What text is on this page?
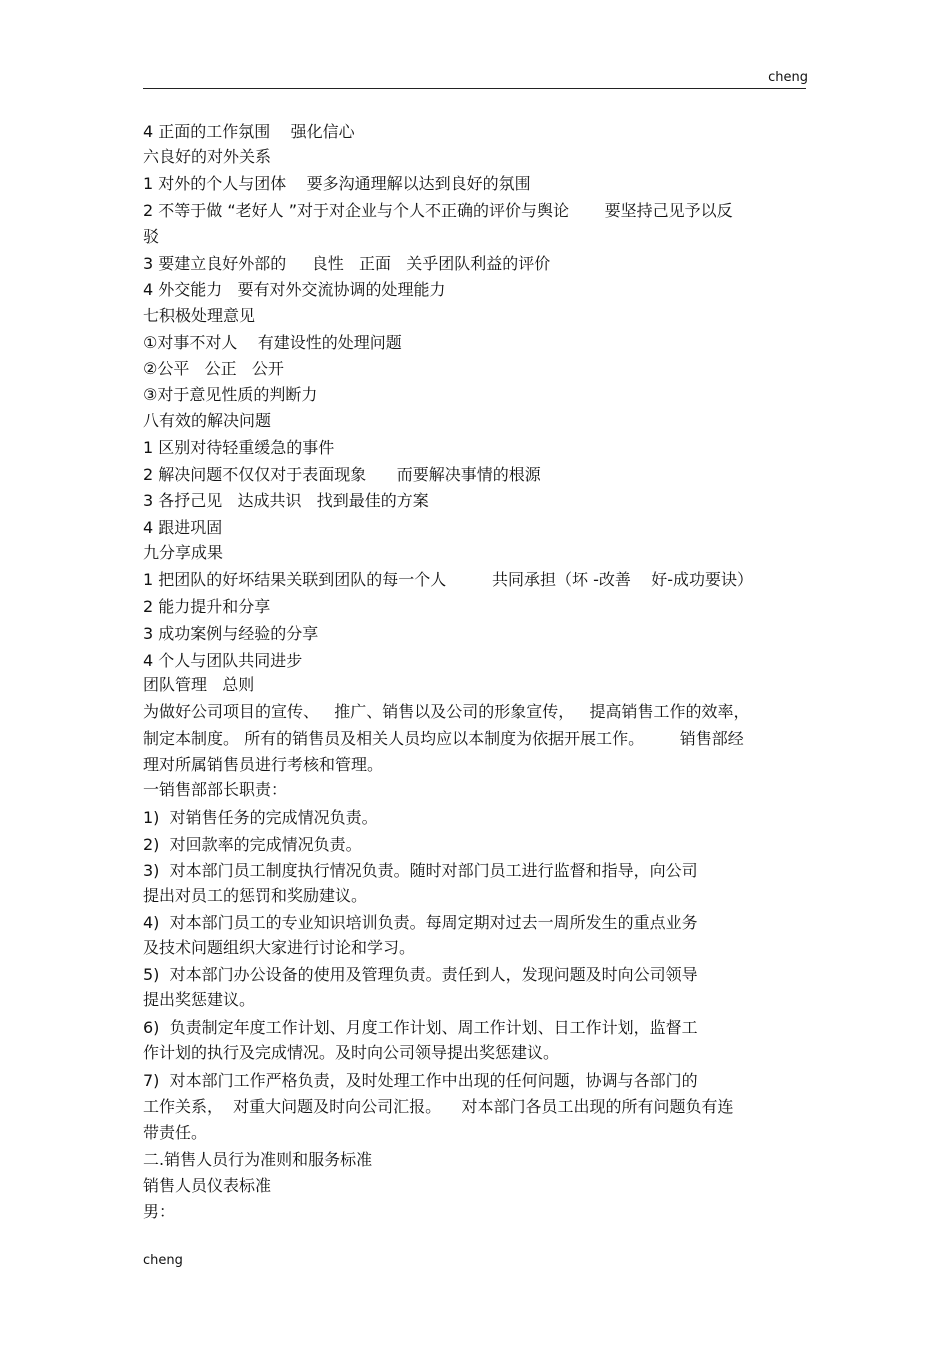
cheng
4 正面的工作氛围    强化信心
六良好的对外关系
1 对外的个人与团体    要多沟通理解以达到良好的氛围
2 不等于做 “老好人 ”对于对企业与个人不正确的评价与舆论       要坚持己见予以反
驳
3 要建立良好外部的     良性   正面   关乎团队利益的评价
4 外交能力   要有对外交流协调的处理能力
七积极处理意见
①对事不对人    有建设性的处理问题
②公平   公正   公开
③对于意见性质的判断力
八有效的解决问题
1 区别对待轻重缓急的事件
2 解决问题不仅仅对于表面现象      而要解决事情的根源
3 各抒己见   达成共识   找到最佳的方案
4 跟进巩固
九分享成果
1 把团队的好坏结果关联到团队的每一个人         共同承担（坏 -改善    好-成功要诀）
2 能力提升和分享
3 成功案例与经验的分享
4 个人与团队共同进步
团队管理   总则
为做好公司项目的宣传、   推广、销售以及公司的形象宣传，   提高销售工作的效率，
制定本制度。 所有的销售员及相关人员均应以本制度为依据开展工作。       销售部经
理对所属销售员进行考核和管理。
一销售部部长职责：
1)  对销售任务的完成情况负责。
2)  对回款率的完成情况负责。
3)  对本部门员工制度执行情况负责。随时对部门员工进行监督和指导，向公司
提出对员工的惩罚和奖励建议。
4)  对本部门员工的专业知识培训负责。每周定期对过去一周所发生的重点业务
及技术问题组织大家进行讨论和学习。
5)  对本部门办公设备的使用及管理负责。责任到人，发现问题及时向公司领导
提出奖惩建议。
6)  负责制定年度工作计划、月度工作计划、周工作计划、日工作计划，监督工
作计划的执行及完成情况。及时向公司领导提出奖惩建议。
7)  对本部门工作严格负责，及时处理工作中出现的任何问题，协调与各部门的
工作关系，  对重大问题及时向公司汇报。    对本部门各员工出现的所有问题负有连
带责任。
二.销售人员行为准则和服务标准
销售人员仪表标准
男：
cheng
